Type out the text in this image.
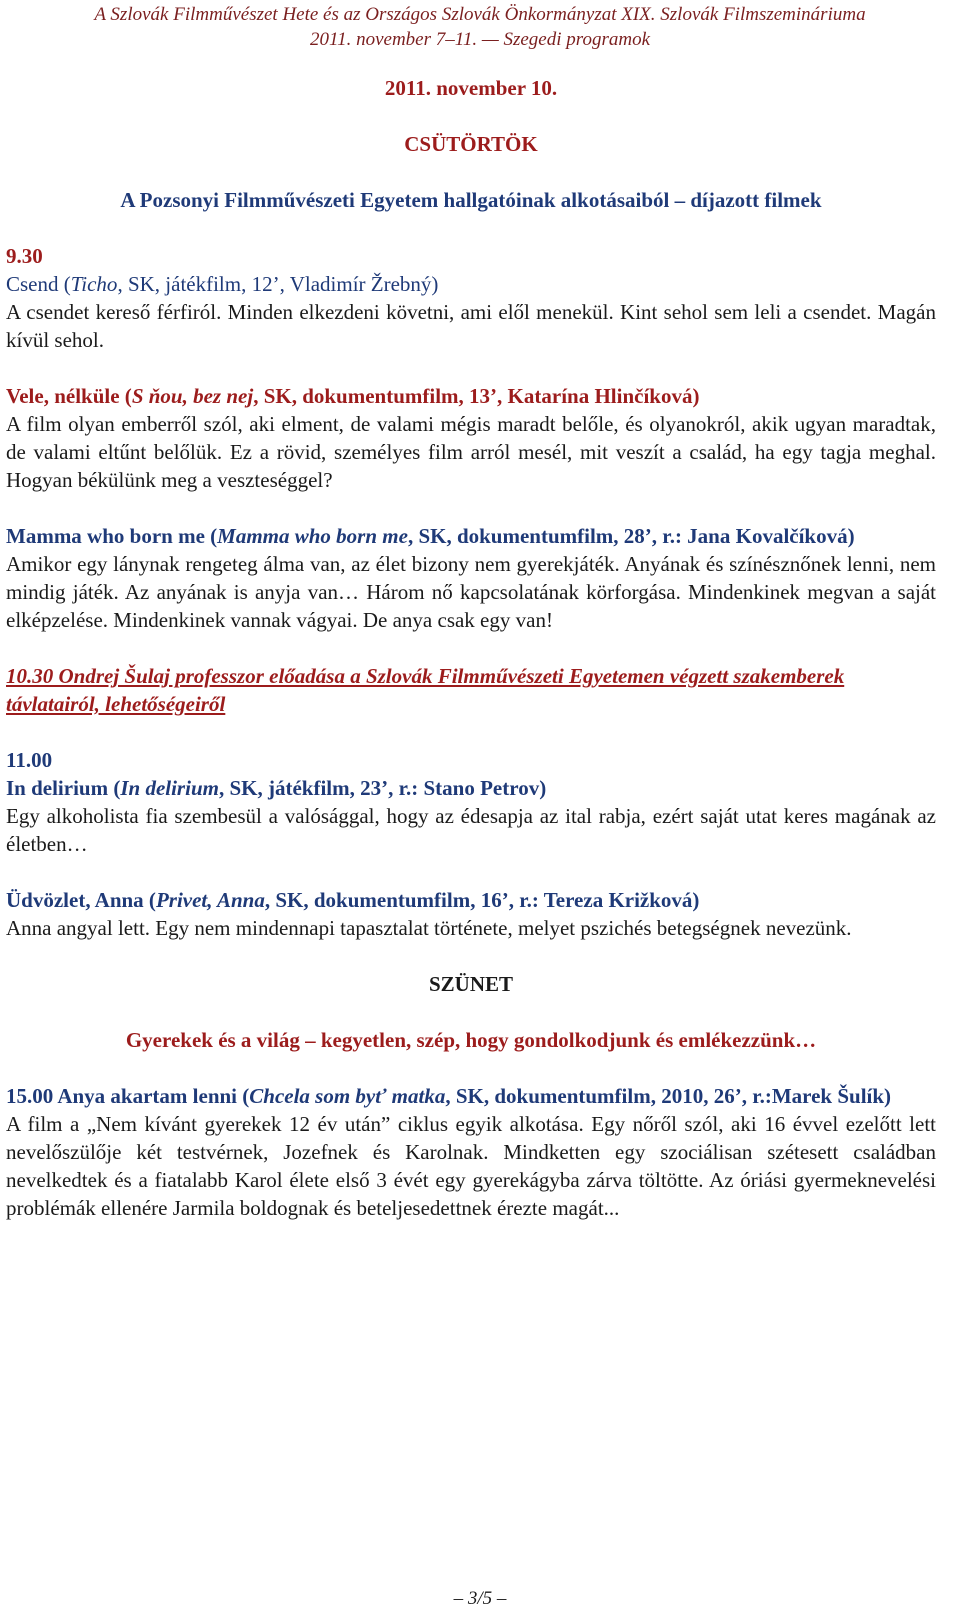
A Szlovák Filmművészet Hete és az Országos Szlovák Önkormányzat XIX. Szlovák Filmszemináriuma
2011. november 7–11. — Szegedi programok

2011. november 10.

CSÜTÖRTÖK

A Pozsonyi Filmművészeti Egyetem hallgatóinak alkotásaiból – díjazott filmek

9.30

Csend (Ticho, SK, játékfilm, 12’, Vladimír Žrebný)

A csendet kereső férfiról. Minden elkezdeni követni, ami elől menekül. Kint sehol sem leli a csendet. Magán kívül sehol.

Vele, nélküle (S ňou, bez nej, SK, dokumentumfilm, 13’, Katarína Hlinčíková)

A film olyan emberről szól, aki elment, de valami mégis maradt belőle, és olyanokról, akik ugyan maradtak, de valami eltűnt belőlük. Ez a rövid, személyes film arról mesél, mit veszít a család, ha egy tagja meghal. Hogyan békülünk meg a veszteséggel?

Mamma who born me (Mamma who born me, SK, dokumentumfilm, 28’, r.: Jana Kovalčíková)

Amikor egy lánynak rengeteg álma van, az élet bizony nem gyerekjáték. Anyának és színésznőnek lenni, nem mindig játék. Az anyának is anyja van… Három nő kapcsolatának körforgása. Mindenkinek megvan a saját elképzelése. Mindenkinek vannak vágyai. De anya csak egy van!

10.30 Ondrej Šulaj professzor előadása a Szlovák Filmművészeti Egyetemen végzett szakemberek távlatairól, lehetőségeiről

11.00

In delirium (In delirium, SK, játékfilm, 23’, r.: Stano Petrov)

Egy alkoholista fia szembesül a valósággal, hogy az édesapja az ital rabja, ezért saját utat keres magának az életben…

Üdvözlet, Anna (Privet, Anna, SK, dokumentumfilm, 16’, r.: Tereza Križková)

Anna angyal lett. Egy nem mindennapi tapasztalat története, melyet pszichés betegségnek nevezünk.

SZÜNET

Gyerekek és a világ – kegyetlen, szép, hogy gondolkodjunk és emlékezzünk…

15.00 Anya akartam lenni (Chcela som byť matka, SK, dokumentumfilm, 2010, 26’, r.:Marek Šulík)

A film a „Nem kívánt gyerekek 12 év után” ciklus egyik alkotása. Egy nőről szól, aki 16 évvel ezelőtt lett nevelőszülője két testvérnek, Jozefnek és Karolnak. Mindketten egy szociálisan szétesett családban nevelkedtek és a fiatalabb Karol élete első 3 évét egy gyerekágyba zárva töltötte. Az óriási gyermeknevelési problémák ellenére Jarmila boldognak és beteljesedettnek érezte magát...

– 3/5 –
